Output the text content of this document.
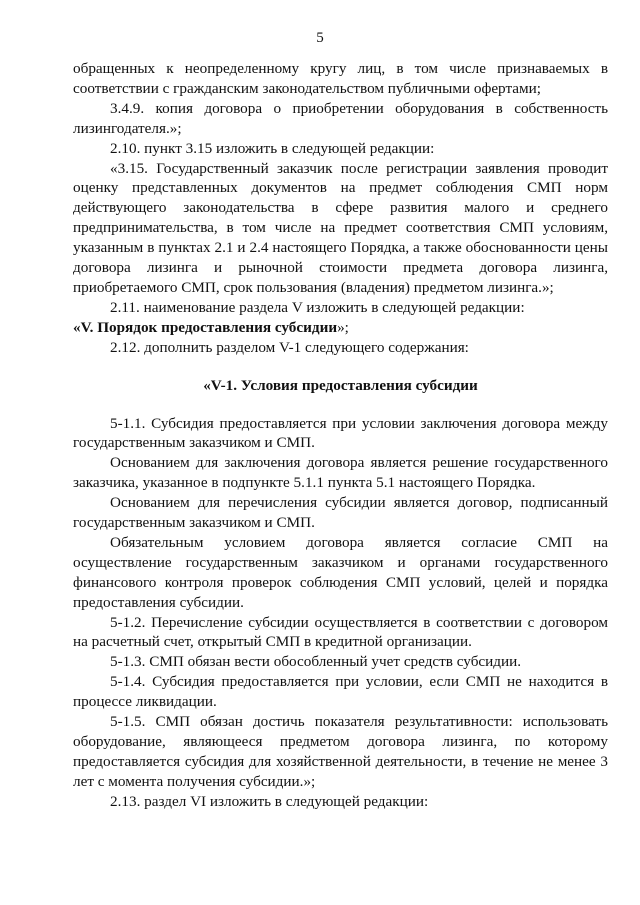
5

обращенных к неопределенному кругу лиц, в том числе признаваемых в соответствии с гражданским законодательством публичными офертами;

3.4.9. копия договора о приобретении оборудования в собственность лизингодателя.»;

2.10. пункт 3.15 изложить в следующей редакции:

«3.15. Государственный заказчик после регистрации заявления проводит оценку представленных документов на предмет соблюдения СМП норм действующего законодательства в сфере развития малого и среднего предпринимательства, в том числе на предмет соответствия СМП условиям, указанным в пунктах 2.1 и 2.4 настоящего Порядка, а также обоснованности цены договора лизинга и рыночной стоимости предмета договора лизинга, приобретаемого СМП, срок пользования (владения) предметом лизинга.»;

2.11. наименование раздела V изложить в следующей редакции:

«V. Порядок предоставления субсидии»;

2.12. дополнить разделом V-1 следующего содержания:

«V-1. Условия предоставления субсидии

5-1.1. Субсидия предоставляется при условии заключения договора между государственным заказчиком и СМП.

Основанием для заключения договора является решение государственного заказчика, указанное в подпункте 5.1.1 пункта 5.1 настоящего Порядка.

Основанием для перечисления субсидии является договор, подписанный государственным заказчиком и СМП.

Обязательным условием договора является согласие СМП на осуществление государственным заказчиком и органами государственного финансового контроля проверок соблюдения СМП условий, целей и порядка предоставления субсидии.

5-1.2. Перечисление субсидии осуществляется в соответствии с договором на расчетный счет, открытый СМП в кредитной организации.

5-1.3. СМП обязан вести обособленный учет средств субсидии.

5-1.4. Субсидия предоставляется при условии, если СМП не находится в процессе ликвидации.

5-1.5. СМП обязан достичь показателя результативности: использовать оборудование, являющееся предметом договора лизинга, по которому предоставляется субсидия для хозяйственной деятельности, в течение не менее 3 лет с момента получения субсидии.»;

2.13. раздел VI изложить в следующей редакции:
